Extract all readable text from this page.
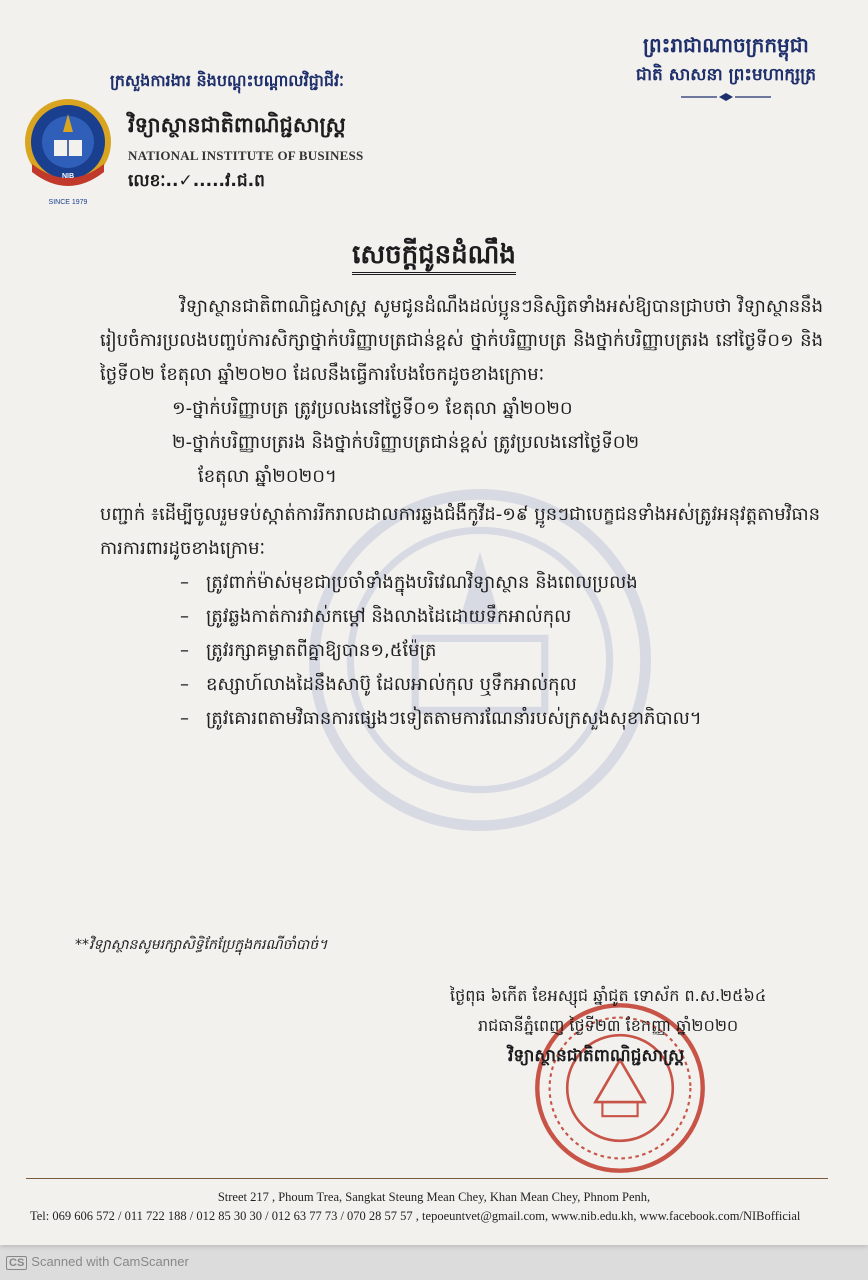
ព្រះរាជាណាចក្រកម្ពុជា
ជាតិ សាសនា ព្រះមហាក្សត្រ
ក្រសួងការងារ និងបណ្តុះបណ្តាលវិជ្ជាជីវៈ
NIB
SINCE 1979
វិទ្យាស្ថានជាតិពាណិជ្ជសាស្ត្រ
NATIONAL INSTITUTE OF BUSINESS
លេខៈ..✓.....វ.ជ.ព
សេចក្តីជូនដំណឹង

វិទ្យាស្ថានជាតិពាណិជ្ជសាស្ត្រ សូមជូនដំណឹងដល់ប្អូនៗនិស្សិតទាំងអស់ឱ្យបានជ្រាបថា វិទ្យាស្ថាននឹងរៀបចំការប្រលងបញ្ចប់ការសិក្សាថ្នាក់បរិញ្ញាបត្រជាន់ខ្ពស់ ថ្នាក់បរិញ្ញាបត្រ និងថ្នាក់បរិញ្ញាបត្ររង នៅថ្ងៃទី០១ និងថ្ងៃទី០២ ខែតុលា ឆ្នាំ២០២០ ដែលនឹងធ្វើការបែងចែកដូចខាងក្រោមៈ

១-ថ្នាក់បរិញ្ញាបត្រ ត្រូវប្រលងនៅថ្ងៃទី០១ ខែតុលា ឆ្នាំ២០២០
២-ថ្នាក់បរិញ្ញាបត្ររង និងថ្នាក់បរិញ្ញាបត្រជាន់ខ្ពស់ ត្រូវប្រលងនៅថ្ងៃទី០២
ខែតុលា ឆ្នាំ២០២០។

បញ្ជាក់ ៖ដើម្បីចូលរួមទប់ស្កាត់ការរីករាលដាលការឆ្លងជំងឺកូវីដ-១៩ ប្អូនៗជាបេក្ខជនទាំងអស់ត្រូវអនុវត្តតាមវិធានការការពារដូចខាងក្រោមៈ

– ត្រូវពាក់ម៉ាស់មុខជាប្រចាំទាំងក្នុងបរិវេណវិទ្យាស្ថាន និងពេលប្រលង
– ត្រូវឆ្លងកាត់ការវាស់កម្តៅ និងលាងដៃដោយទឹកអាល់កុល
– ត្រូវរក្សាគម្លាតពីគ្នាឱ្យបាន១,៥ម៉ែត្រ
– ឧស្សាហ៍លាងដៃនឹងសាប៊ូ ដែលអាល់កុល ឬទឹកអាល់កុល
– ត្រូវគោរពតាមវិធានការផ្សេងៗទៀតតាមការណែនាំរបស់ក្រសួងសុខាភិបាល។
**វិទ្យាស្ថានសូមរក្សាសិទ្ធិកែប្រែក្នុងករណីចាំបាច់។
ថ្ងៃពុធ ៦កើត ខែអស្សុជ ឆ្នាំជូត ទោស័ក ព.ស.២៥៦៤
រាជធានីភ្នំពេញ ថ្ងៃទី២៣ ខែកញ្ញា ឆ្នាំ២០២០
វិទ្យាស្ថានជាតិពាណិជ្ជសាស្ត្រ
Street 217 , Phoum Trea, Sangkat Steung Mean Chey, Khan Mean Chey, Phnom Penh,
Tel: 069 606 572 / 011 722 188 / 012 85 30 30 / 012 63 77 73 / 070 28 57 57 , tepoeuntvet@gmail.com, www.nib.edu.kh, www.facebook.com/NIBofficial
CS Scanned with CamScanner
